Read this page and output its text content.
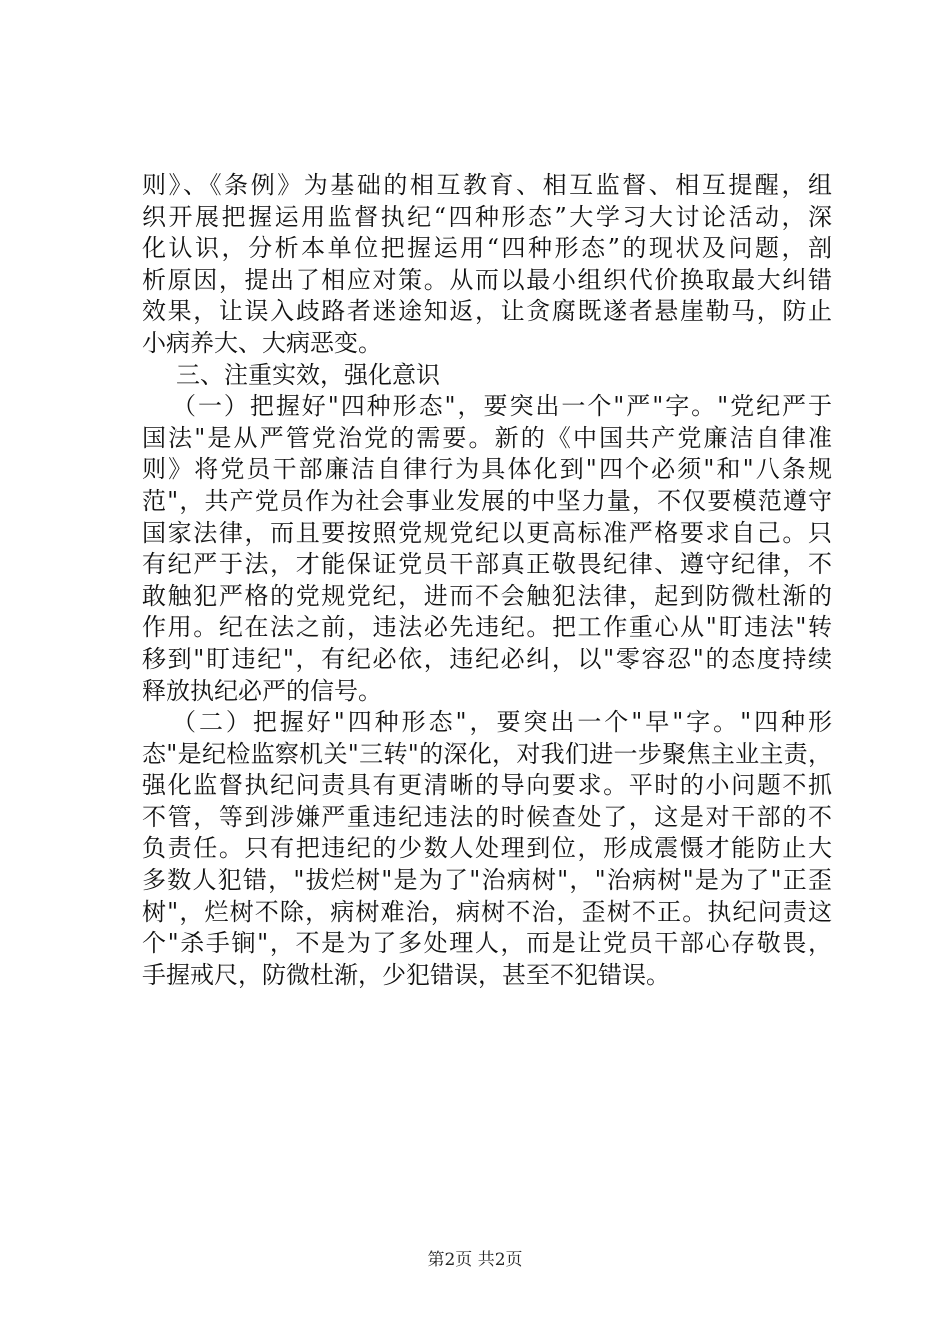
则》、《条例》为基础的相互教育、相互监督、相互提醒，组
织开展把握运用监督执纪“四种形态”大学习大讨论活动，深
化认识，分析本单位把握运用“四种形态”的现状及问题，剖
析原因，提出了相应对策。从而以最小组织代价换取最大纠错
效果，让误入歧路者迷途知返，让贪腐既遂者悬崖勒马，防止
小病养大、大病恶变。
三、注重实效，强化意识
（一）把握好"四种形态"，要突出一个"严"字。"党纪严于
国法"是从严管党治党的需要。新的《中国共产党廉洁自律准
则》将党员干部廉洁自律行为具体化到"四个必须"和"八条规
范"，共产党员作为社会事业发展的中坚力量，不仅要模范遵守
国家法律，而且要按照党规党纪以更高标准严格要求自己。只
有纪严于法，才能保证党员干部真正敬畏纪律、遵守纪律，不
敢触犯严格的党规党纪，进而不会触犯法律，起到防微杜渐的
作用。纪在法之前，违法必先违纪。把工作重心从"盯违法"转
移到"盯违纪"，有纪必依，违纪必纠，以"零容忍"的态度持续
释放执纪必严的信号。
（二）把握好"四种形态"，要突出一个"早"字。"四种形
态"是纪检监察机关"三转"的深化，对我们进一步聚焦主业主责，
强化监督执纪问责具有更清晰的导向要求。平时的小问题不抓
不管，等到涉嫌严重违纪违法的时候查处了，这是对干部的不
负责任。只有把违纪的少数人处理到位，形成震慑才能防止大
多数人犯错，"拔烂树"是为了"治病树"，"治病树"是为了"正歪
树"，烂树不除，病树难治，病树不治，歪树不正。执纪问责这
个"杀手锏"，不是为了多处理人，而是让党员干部心存敬畏，
手握戒尺，防微杜渐，少犯错误，甚至不犯错误。
第2页 共2页
